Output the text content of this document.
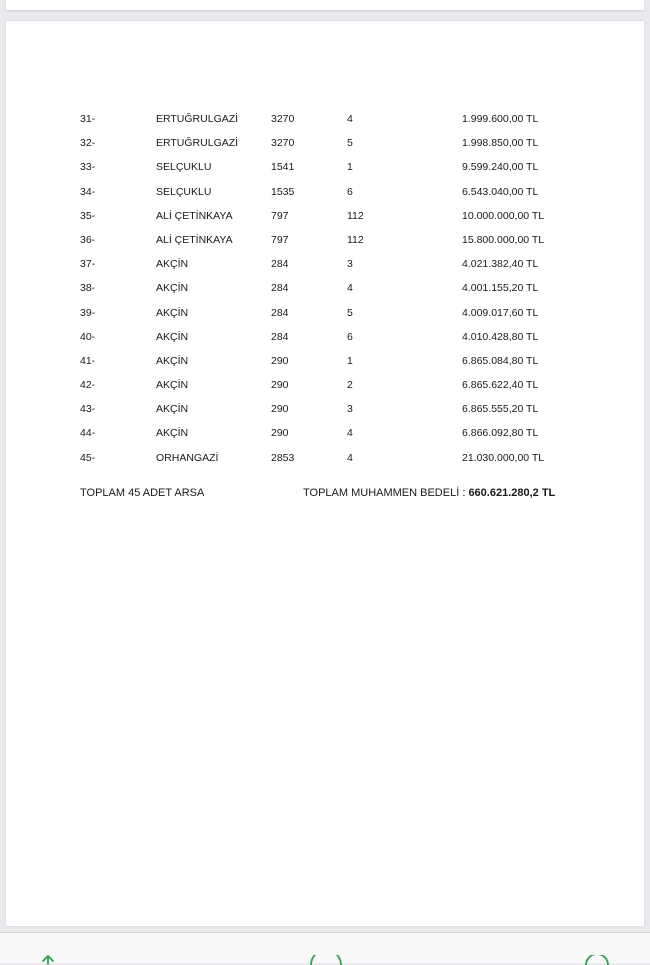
31-	ERTUĞRULGAZİ	3270	4	1.999.600,00 TL
32-	ERTUĞRULGAZİ	3270	5	1.998.850,00 TL
33-	SELÇUKLU	1541	1	9.599.240,00 TL
34-	SELÇUKLU	1535	6	6.543.040,00 TL
35-	ALİ ÇETİNKAYA	797	112	10.000.000,00 TL
36-	ALİ ÇETİNKAYA	797	112	15.800.000,00 TL
37-	AKÇİN	284	3	4.021.382,40 TL
38-	AKÇİN	284	4	4.001.155,20 TL
39-	AKÇİN	284	5	4.009.017,60 TL
40-	AKÇİN	284	6	4.010.428,80 TL
41-	AKÇİN	290	1	6.865.084,80 TL
42-	AKÇİN	290	2	6.865.622,40 TL
43-	AKÇİN	290	3	6.865.555,20 TL
44-	AKÇİN	290	4	6.866.092,80 TL
45-	ORHANGAZİ	2853	4	21.030.000,00 TL
TOPLAM 45 ADET ARSA	TOPLAM MUHAMMEN BEDELİ : 660.621.280,2 TL
